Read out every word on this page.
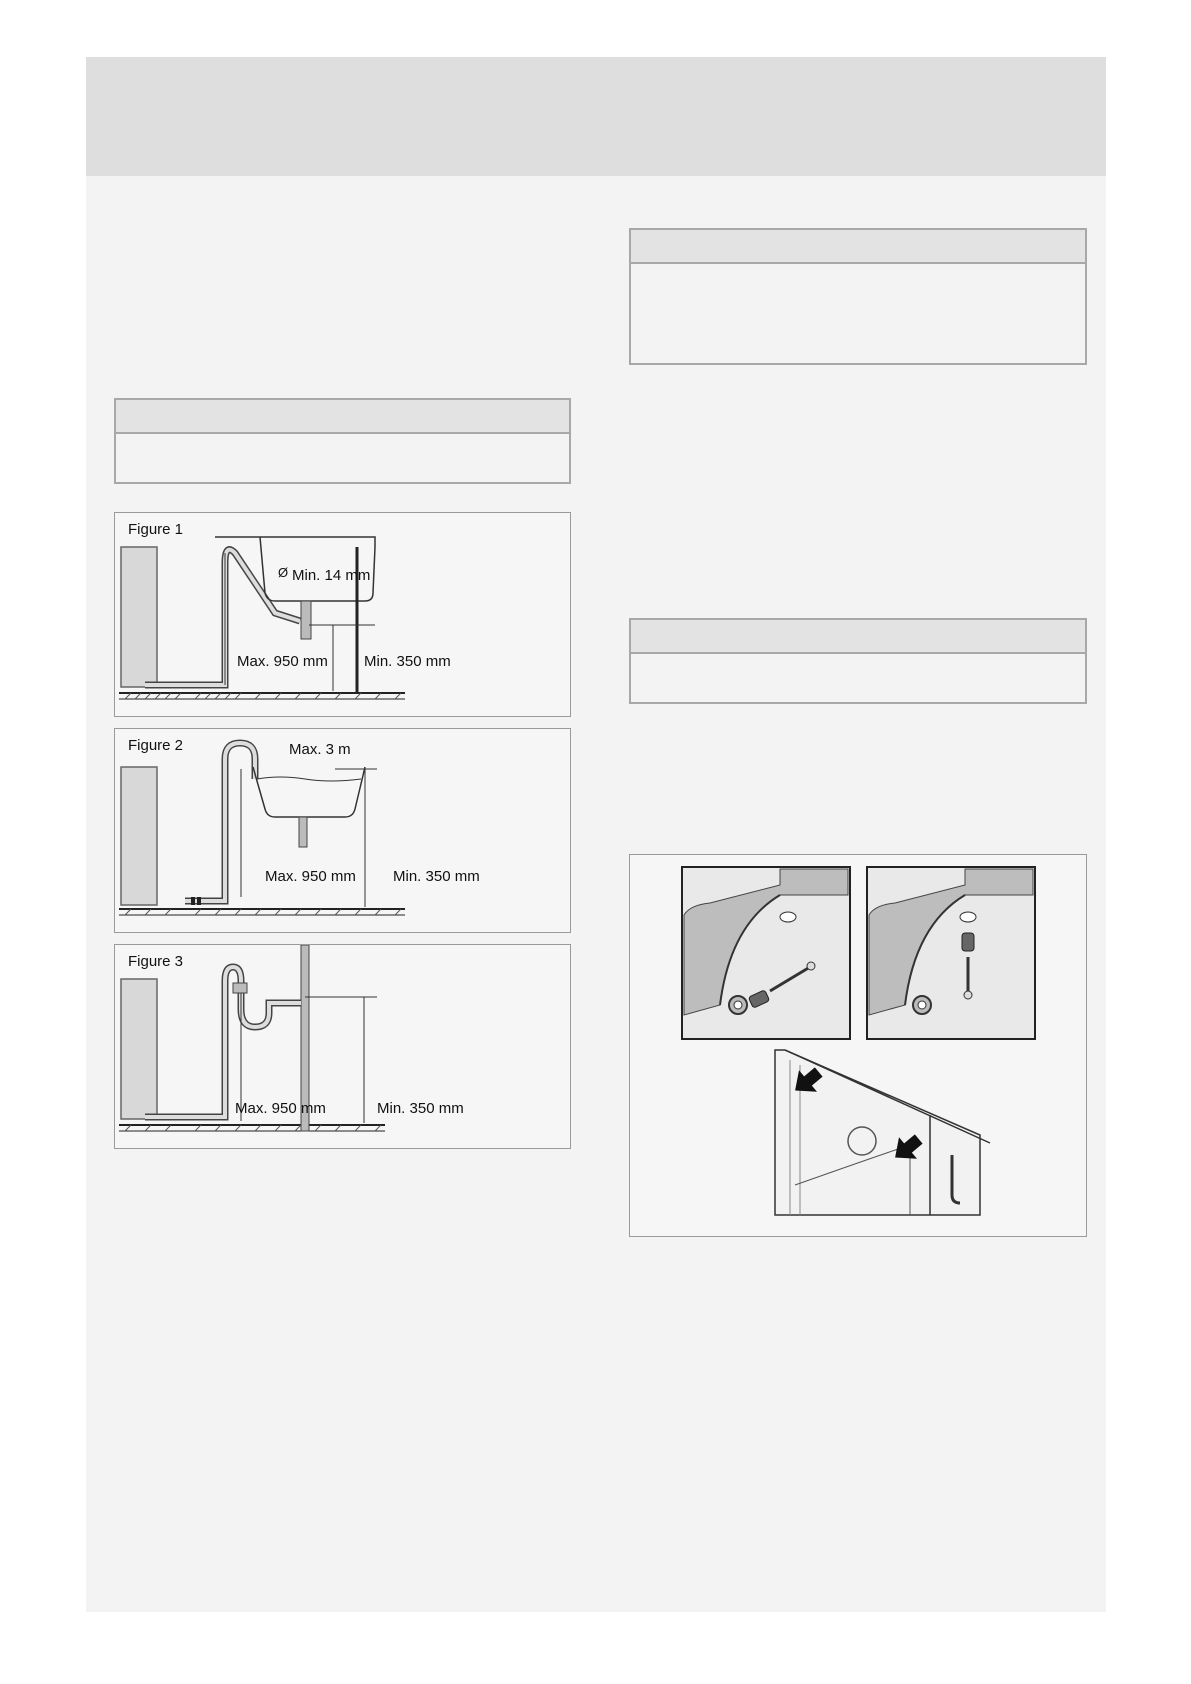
Figure 1
Ø Min. 14 mm
Max. 950 mm Min. 350 mm
Figure 2	Max. 3 m
Max. 950 mm Min. 350 mm
Figure 3
Max. 950 mm	Min. 350 mm
